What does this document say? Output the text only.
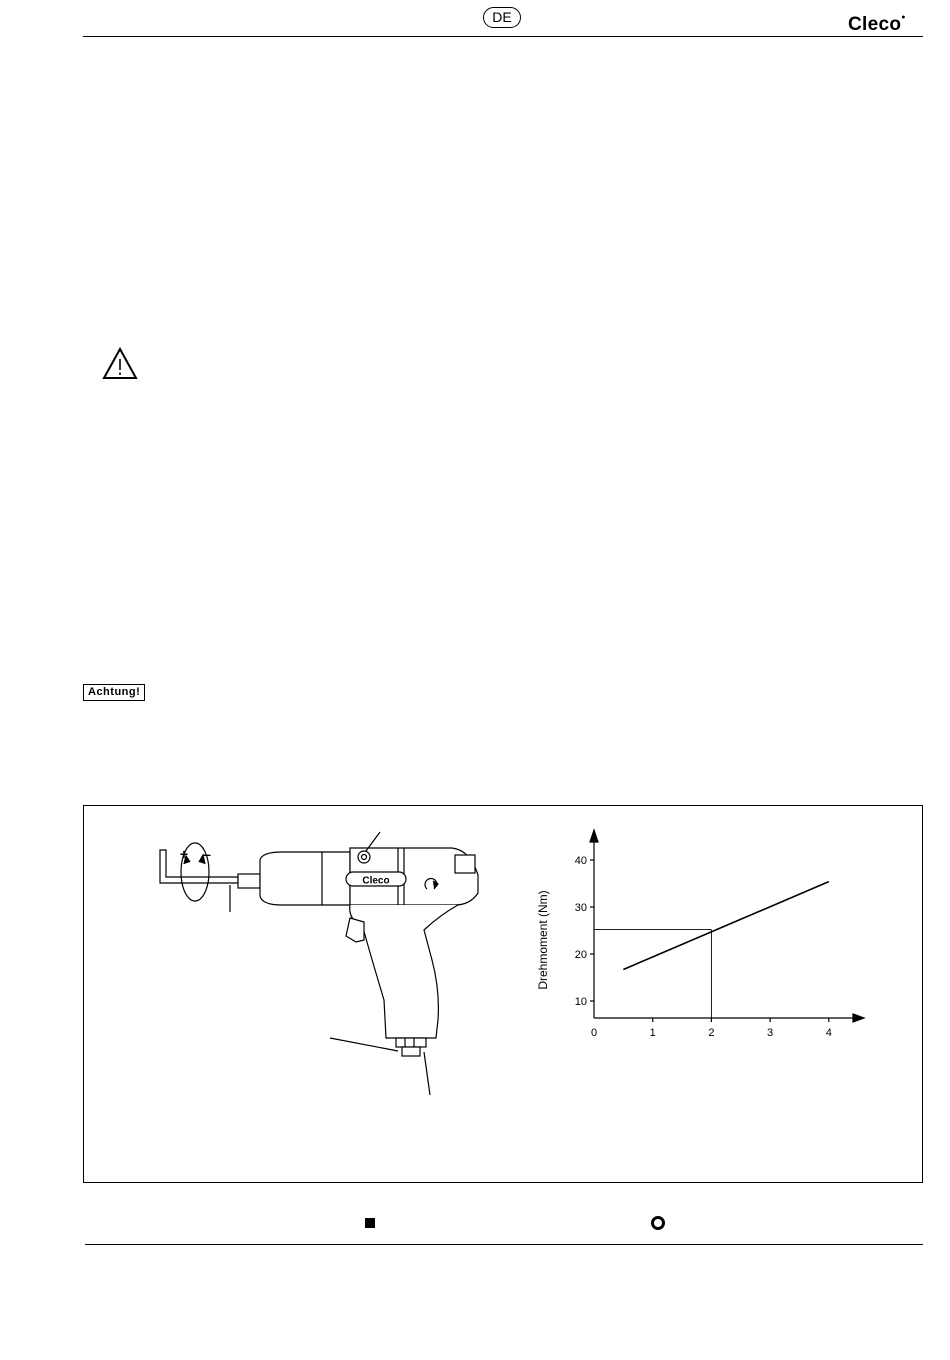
DE	Cleco●
Achtung!
+ –
Cleco
0	1	2	3	4
10
20
30
40
Drehmoment (Nm)
